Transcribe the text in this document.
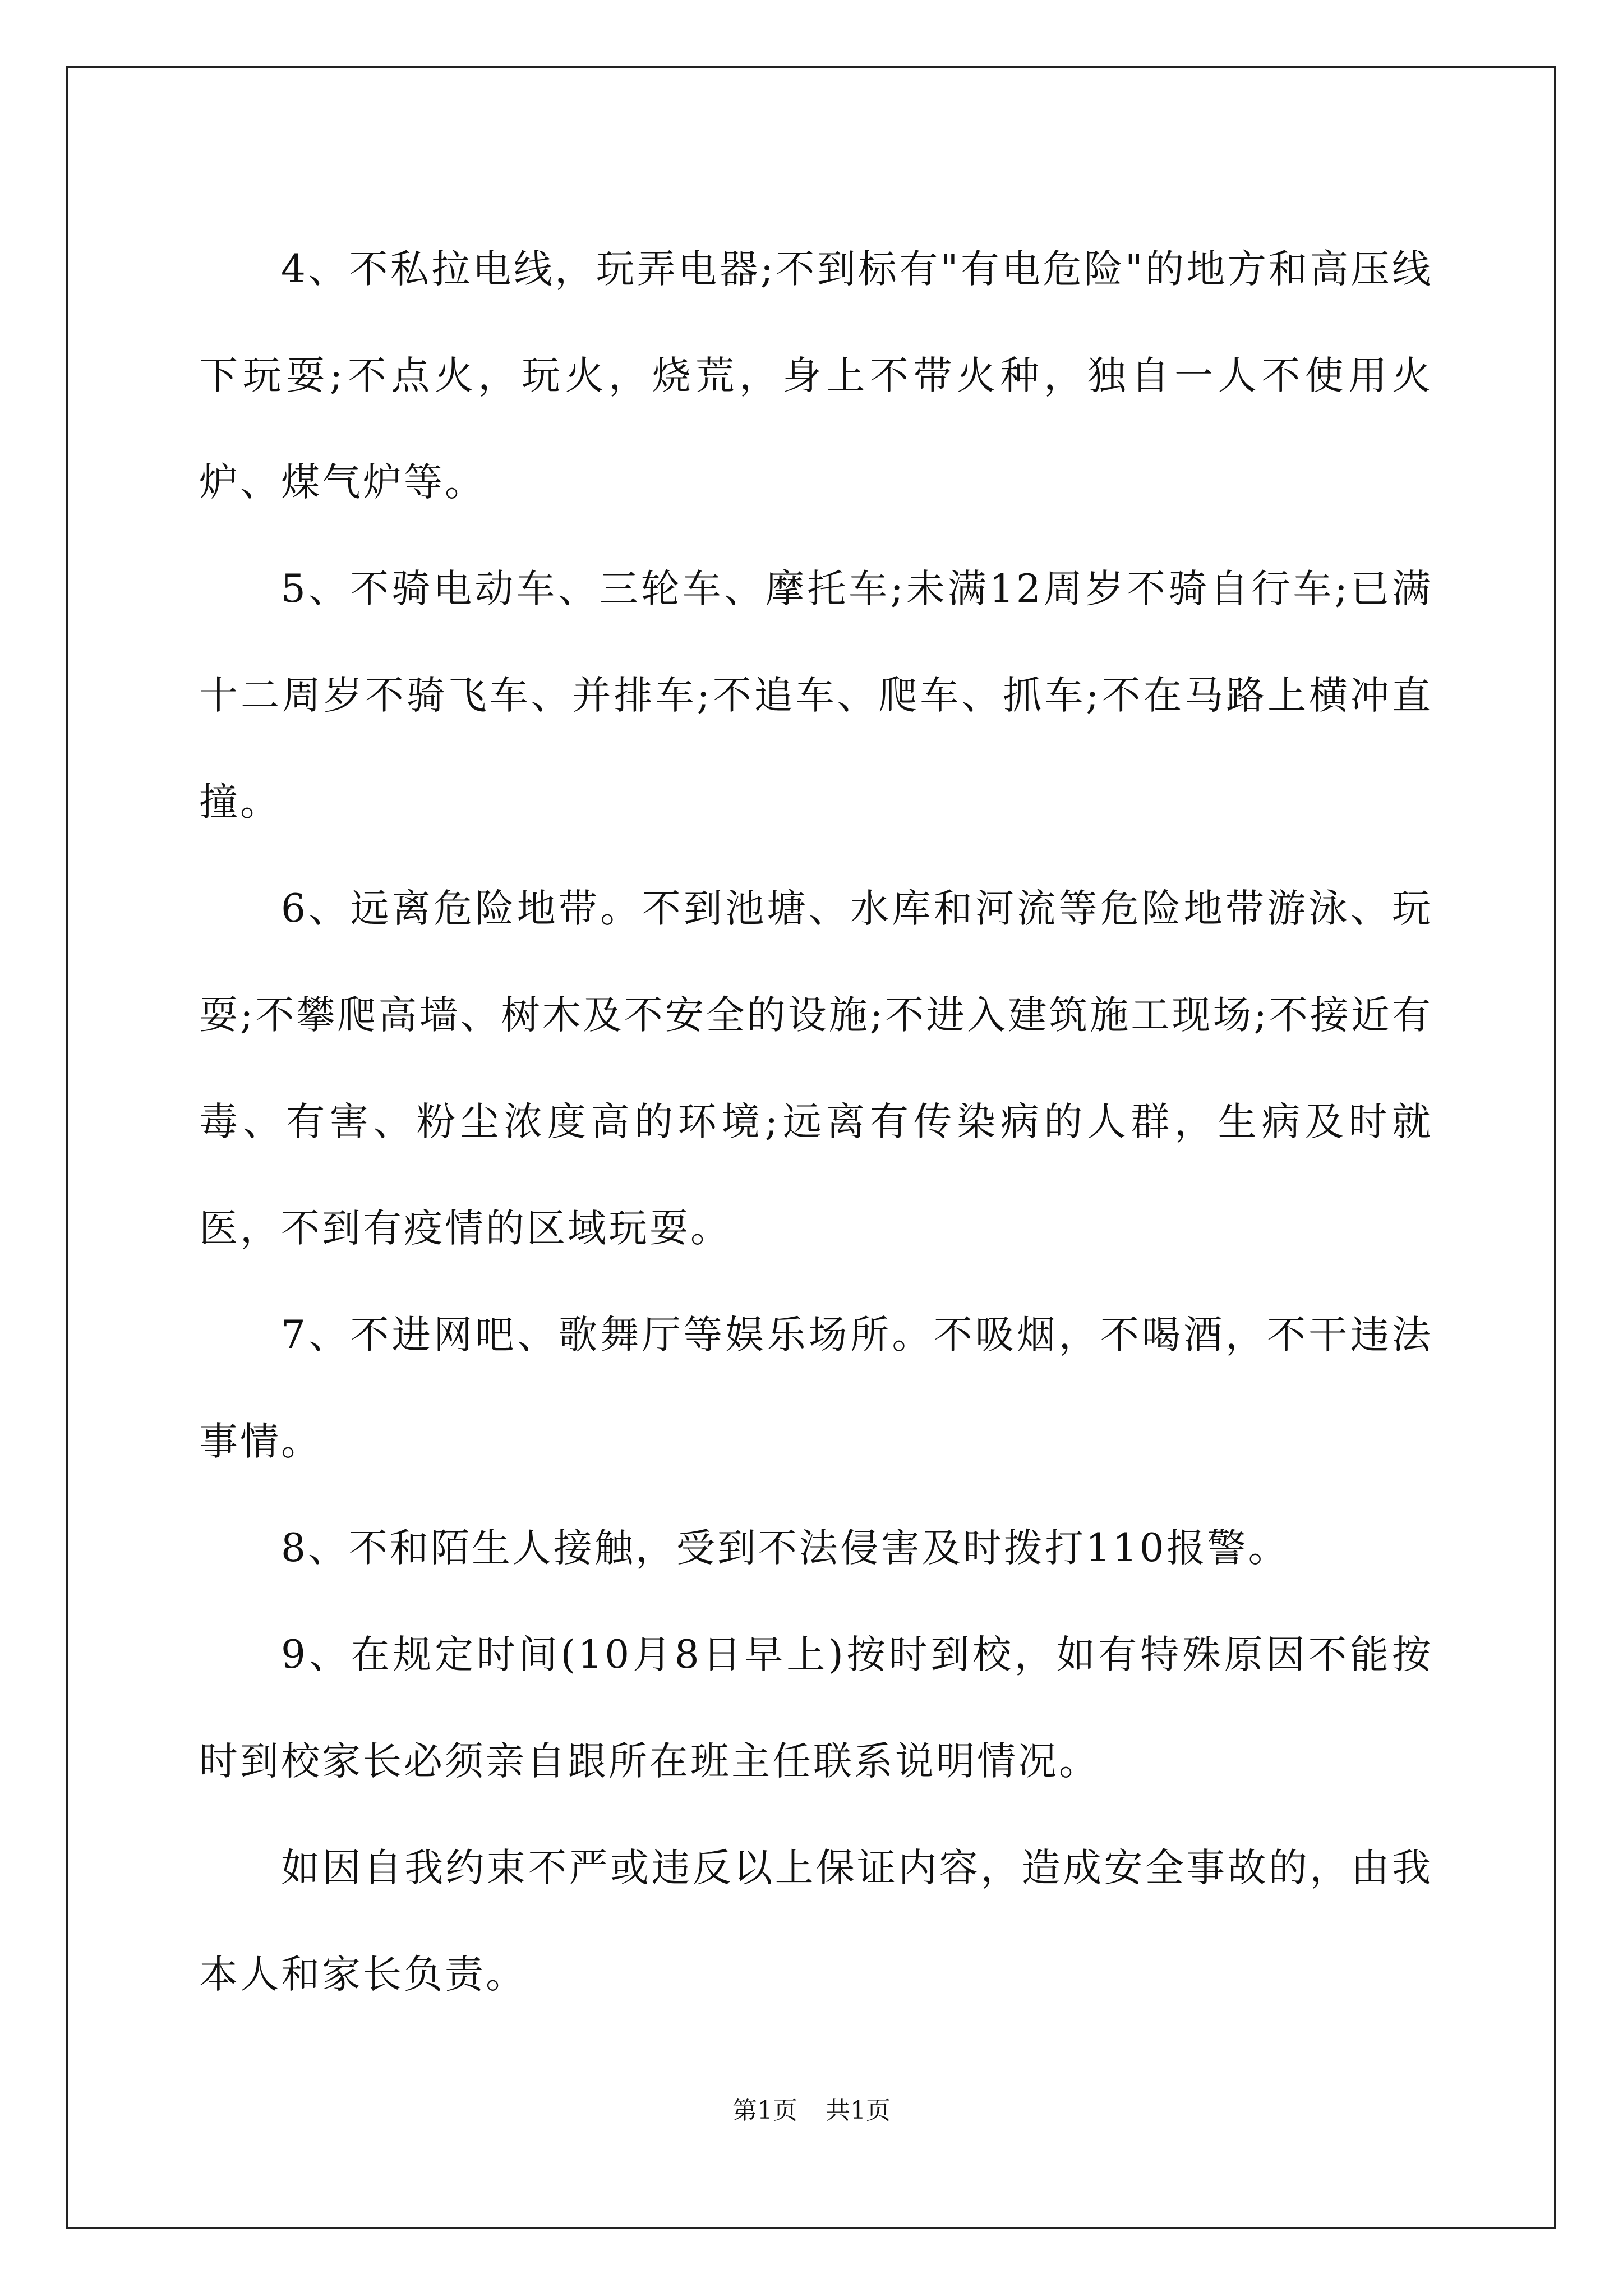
4、不私拉电线，玩弄电器;不到标有"有电危险"的地方和高压线下玩耍;不点火，玩火，烧荒，身上不带火种，独自一人不使用火炉、煤气炉等。

5、不骑电动车、三轮车、摩托车;未满12周岁不骑自行车;已满十二周岁不骑飞车、并排车;不追车、爬车、抓车;不在马路上横冲直撞。

6、远离危险地带。不到池塘、水库和河流等危险地带游泳、玩耍;不攀爬高墙、树木及不安全的设施;不进入建筑施工现场;不接近有毒、有害、粉尘浓度高的环境;远离有传染病的人群，生病及时就医，不到有疫情的区域玩耍。

7、不进网吧、歌舞厅等娱乐场所。不吸烟，不喝酒，不干违法事情。

8、不和陌生人接触，受到不法侵害及时拨打110报警。

9、在规定时间(10月8日早上)按时到校，如有特殊原因不能按时到校家长必须亲自跟所在班主任联系说明情况。

如因自我约束不严或违反以上保证内容，造成安全事故的，由我本人和家长负责。

第1页 共1页
